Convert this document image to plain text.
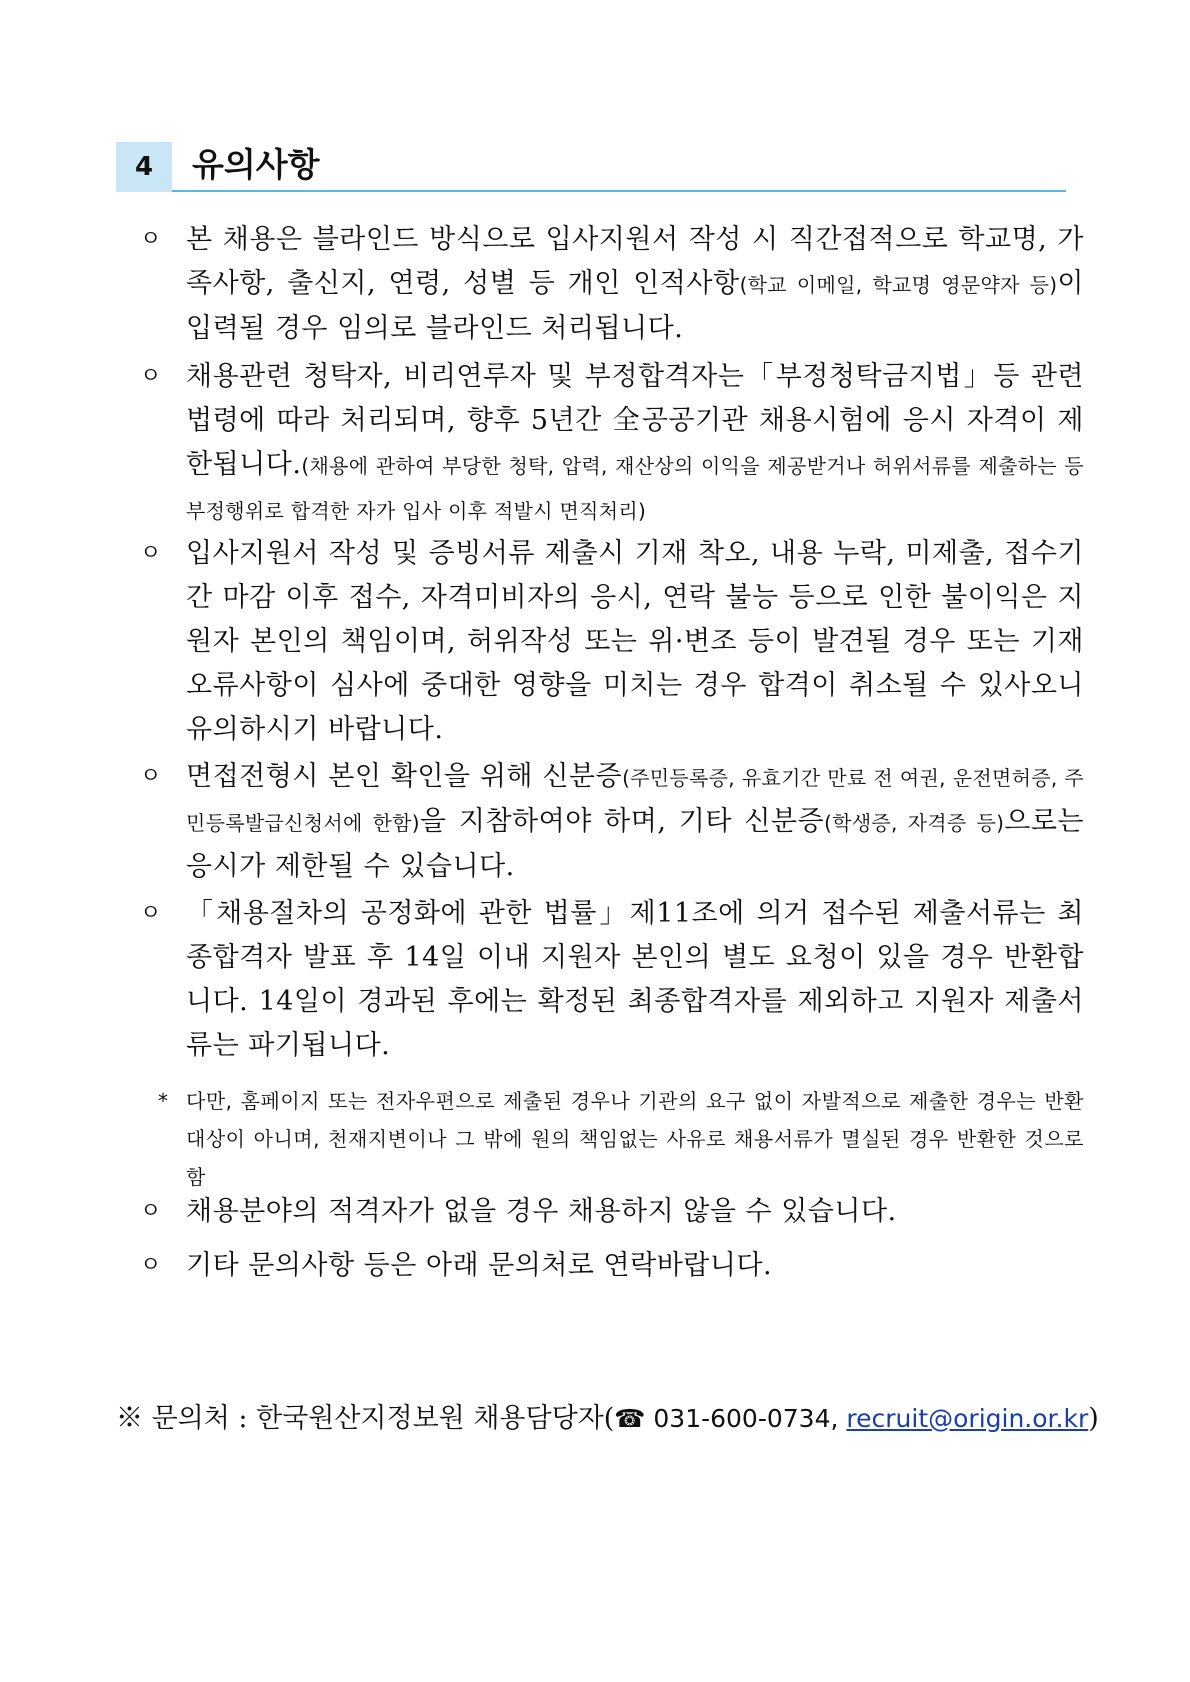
4	유의사항
ㅇ 본 채용은 블라인드 방식으로 입사지원서 작성 시 직간접적으로 학교명, 가족사항, 출신지, 연령, 성별 등 개인 인적사항(학교 이메일, 학교명 영문약자 등)이 입력될 경우 임의로 블라인드 처리됩니다.
ㅇ 채용관련 청탁자, 비리연루자 및 부정합격자는「부정청탁금지법」등 관련 법령에 따라 처리되며, 향후 5년간 全공공기관 채용시험에 응시 자격이 제한됩니다.(채용에 관하여 부당한 청탁, 압력, 재산상의 이익을 제공받거나 허위서류를 제출하는 등 부정행위로 합격한 자가 입사 이후 적발시 면직처리)
ㅇ 입사지원서 작성 및 증빙서류 제출시 기재 착오, 내용 누락, 미제출, 접수기간 마감 이후 접수, 자격미비자의 응시, 연락 불능 등으로 인한 불이익은 지원자 본인의 책임이며, 허위작성 또는 위·변조 등이 발견될 경우 또는 기재오류사항이 심사에 중대한 영향을 미치는 경우 합격이 취소될 수 있사오니 유의하시기 바랍니다.
ㅇ 면접전형시 본인 확인을 위해 신분증(주민등록증, 유효기간 만료 전 여권, 운전면허증, 주민등록발급신청서에 한함)을 지참하여야 하며, 기타 신분증(학생증, 자격증 등)으로는 응시가 제한될 수 있습니다.
ㅇ 「채용절차의 공정화에 관한 법률」제11조에 의거 접수된 제출서류는 최종합격자 발표 후 14일 이내 지원자 본인의 별도 요청이 있을 경우 반환합니다. 14일이 경과된 후에는 확정된 최종합격자를 제외하고 지원자 제출서류는 파기됩니다.
* 다만, 홈페이지 또는 전자우편으로 제출된 경우나 기관의 요구 없이 자발적으로 제출한 경우는 반환 대상이 아니며, 천재지변이나 그 밖에 원의 책임없는 사유로 채용서류가 멸실된 경우 반환한 것으로 함
ㅇ 채용분야의 적격자가 없을 경우 채용하지 않을 수 있습니다.
ㅇ 기타 문의사항 등은 아래 문의처로 연락바랍니다.
※ 문의처 : 한국원산지정보원 채용담당자(☎ 031-600-0734, recruit@origin.or.kr)
